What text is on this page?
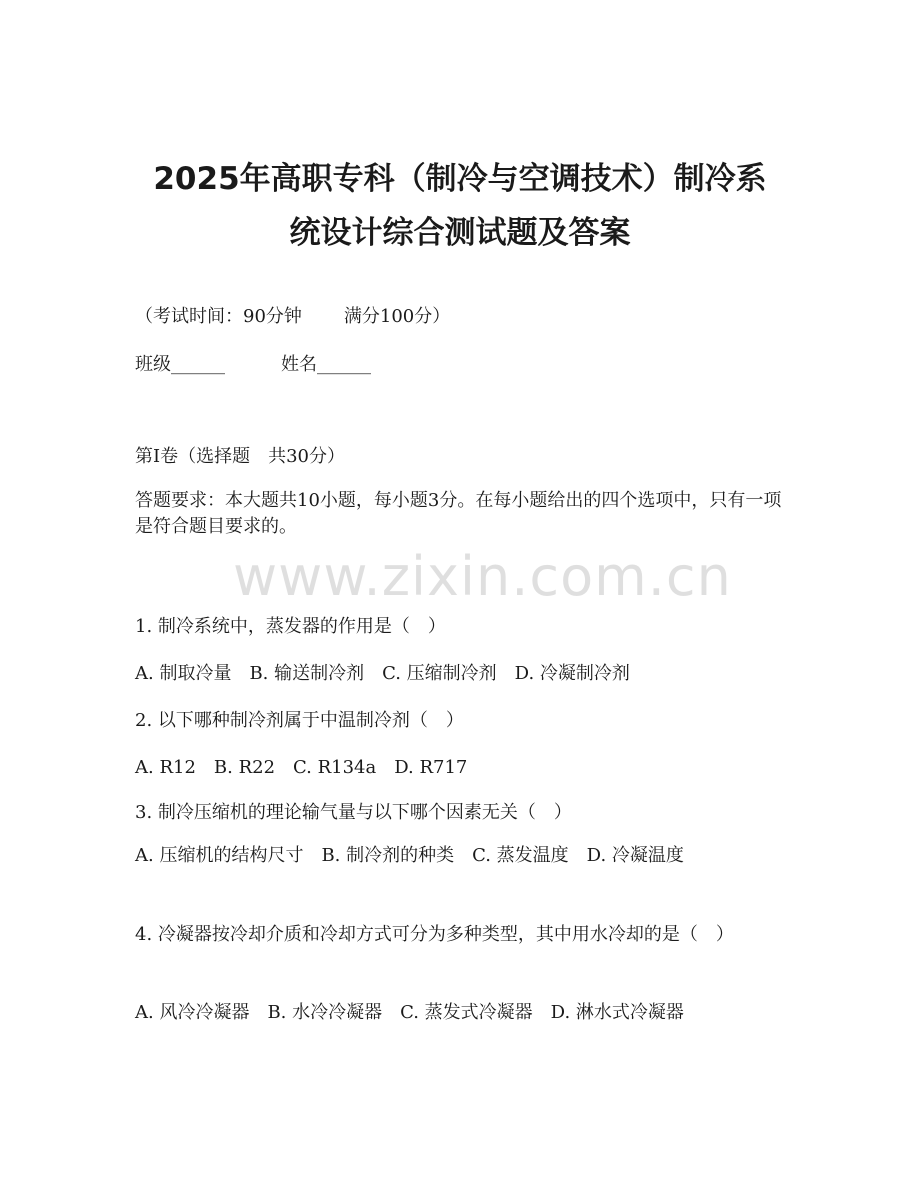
2025年高职专科（制冷与空调技术）制冷系
统设计综合测试题及答案
（考试时间：90分钟 满分100分）
班级______	姓名______
第I卷（选择题　共30分）
答题要求：本大题共10小题，每小题3分。在每小题给出的四个选项中，只有一项是符合题目要求的。
www.zixin.com.cn
1. 制冷系统中，蒸发器的作用是（　）
A. 制取冷量　B. 输送制冷剂　C. 压缩制冷剂　D. 冷凝制冷剂
2. 以下哪种制冷剂属于中温制冷剂（　）
A. R12　B. R22　C. R134a　D. R717
3. 制冷压缩机的理论输气量与以下哪个因素无关（　）
A. 压缩机的结构尺寸　B. 制冷剂的种类　C. 蒸发温度　D. 冷凝温度
4. 冷凝器按冷却介质和冷却方式可分为多种类型，其中用水冷却的是（　）
A. 风冷冷凝器　B. 水冷冷凝器　C. 蒸发式冷凝器　D. 淋水式冷凝器
